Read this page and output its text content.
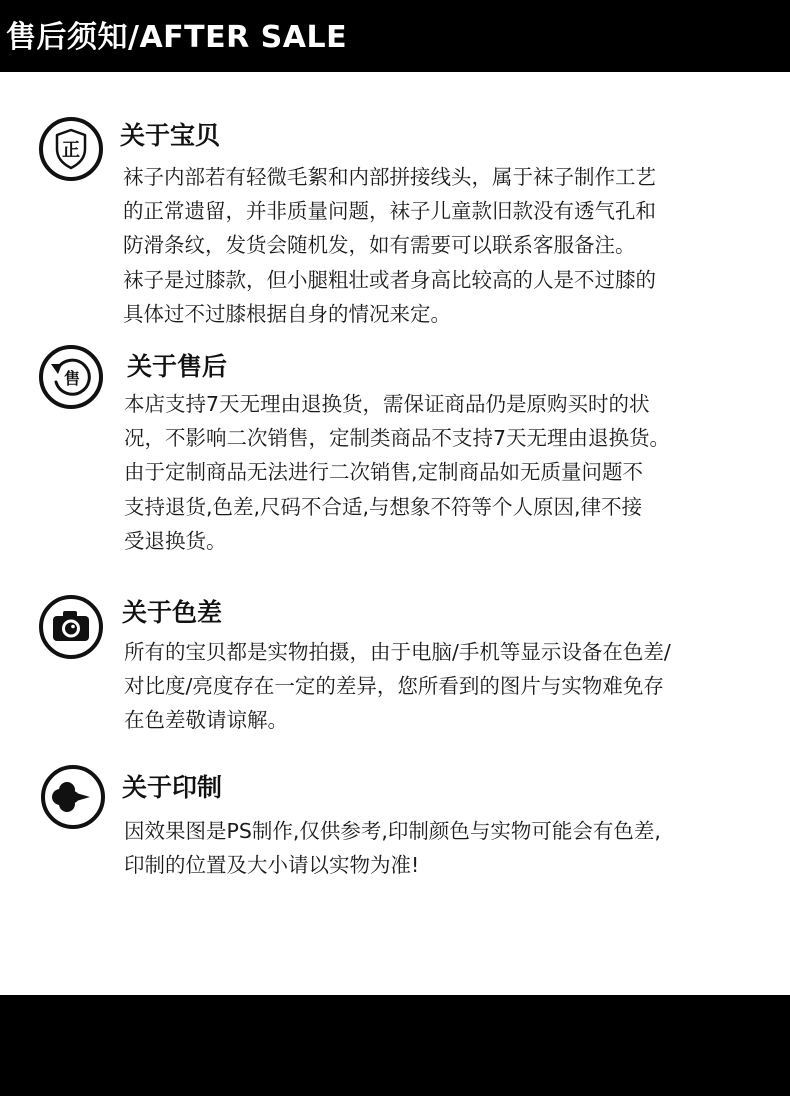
售后须知/AFTER SALE
正
关于宝贝
袜子内部若有轻微毛絮和内部拼接线头，属于袜子制作工艺
的正常遗留，并非质量问题，袜子儿童款旧款没有透气孔和
防滑条纹，发货会随机发，如有需要可以联系客服备注。
袜子是过膝款，但小腿粗壮或者身高比较高的人是不过膝的
具体过不过膝根据自身的情况来定。
售 关于售后
本店支持7天无理由退换货，需保证商品仍是原购买时的状
况，不影响二次销售，定制类商品不支持7天无理由退换货。
由于定制商品无法进行二次销售,定制商品如无质量问题不
支持退货,色差,尺码不合适,与想象不符等个人原因,律不接
受退换货。
关于色差
所有的宝贝都是实物拍摄，由于电脑/手机等显示设备在色差/
对比度/亮度存在一定的差异，您所看到的图片与实物难免存
在色差敬请谅解。
关于印制
因效果图是PS制作,仅供参考,印制颜色与实物可能会有色差,
印制的位置及大小请以实物为准!
